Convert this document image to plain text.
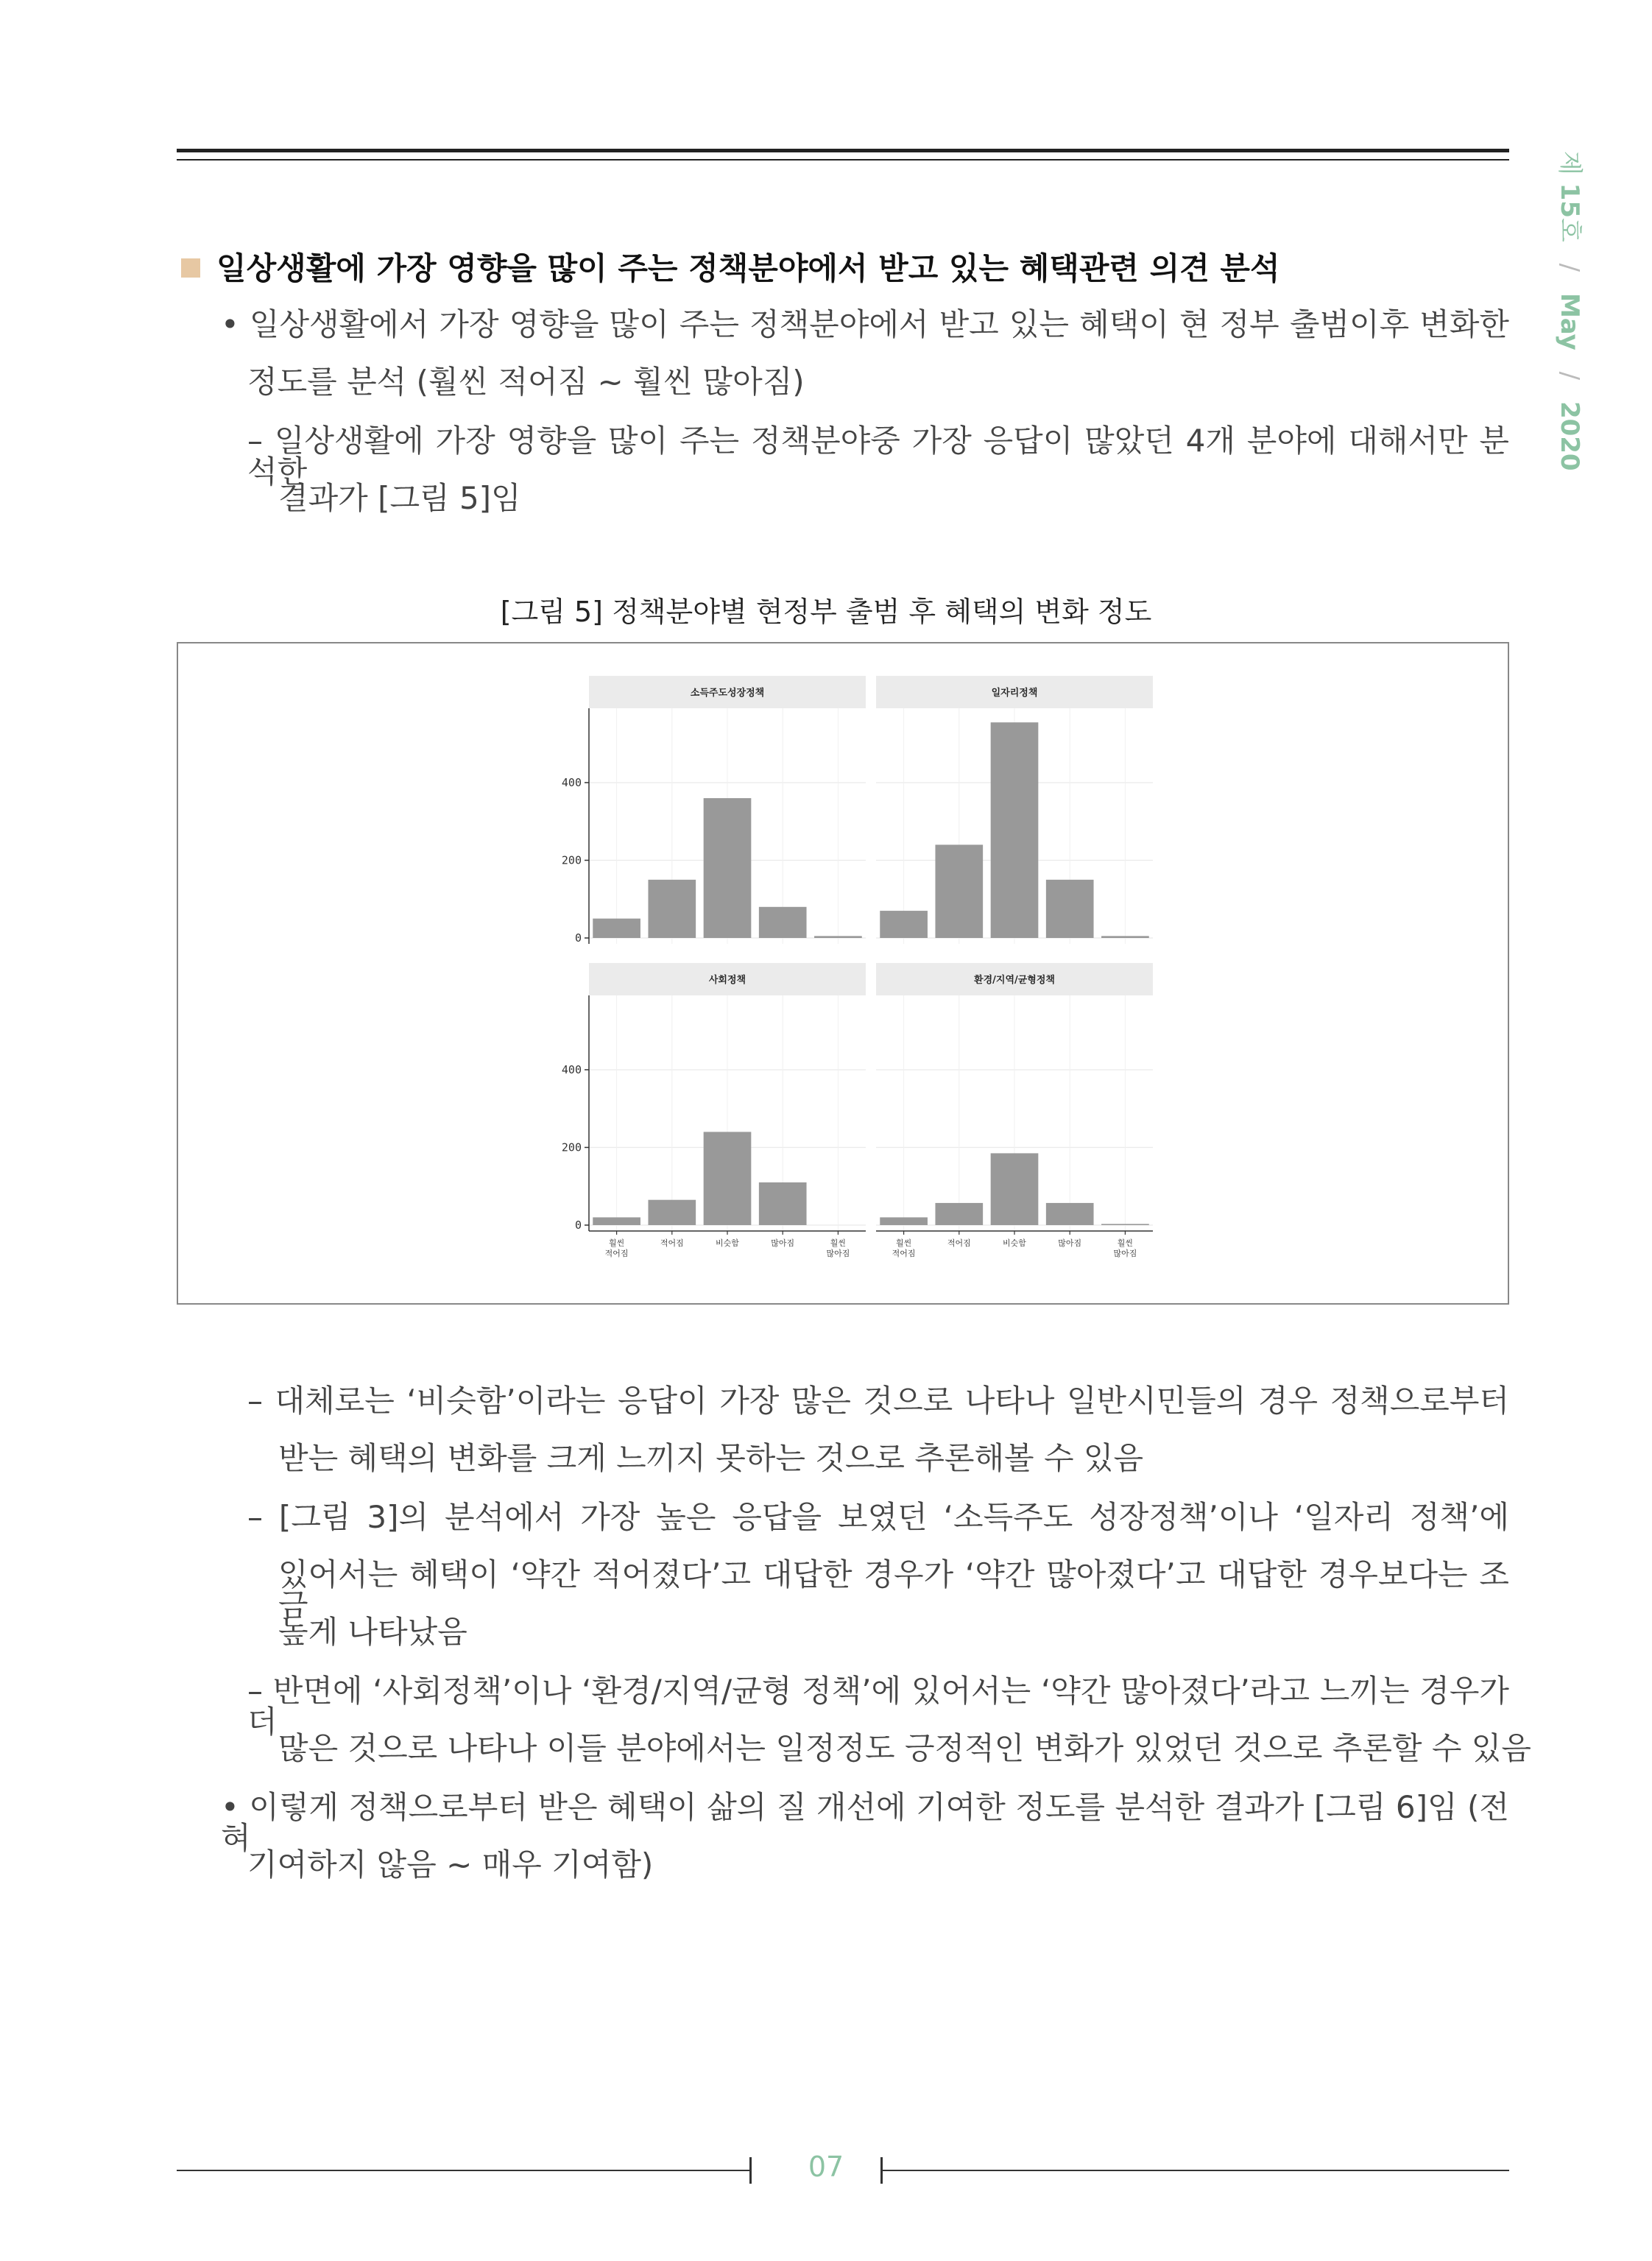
제 15호 / May / 2020
일상생활에 가장 영향을 많이 주는 정책분야에서 받고 있는 혜택관련 의견 분석
• 일상생활에서 가장 영향을 많이 주는 정책분야에서 받고 있는 혜택이 현 정부 출범이후 변화한
정도를 분석 (훨씬 적어짐 ~ 훨씬 많아짐)
– 일상생활에 가장 영향을 많이 주는 정책분야중 가장 응답이 많았던 4개 분야에 대해서만 분석한
결과가 [그림 5]임
[그림 5] 정책분야별 현정부 출범 후 혜택의 변화 정도
소득주도성장정책
0
200
400
일자리정책
사회정책
0
200
400
훨씬
적어짐
적어짐	비슷함	많아짐	훨씬
많아짐
환경/지역/균형정책
훨씬
적어짐
적어짐	비슷함	많아짐	훨씬
많아짐
– 대체로는 ‘비슷함’이라는 응답이 가장 많은 것으로 나타나 일반시민들의 경우 정책으로부터
받는 혜택의 변화를 크게 느끼지 못하는 것으로 추론해볼 수 있음
– [그림 3]의 분석에서 가장 높은 응답을 보였던 ‘소득주도 성장정책’이나 ‘일자리 정책’에
있어서는 혜택이 ‘약간 적어졌다’고 대답한 경우가 ‘약간 많아졌다’고 대답한 경우보다는 조금
높게 나타났음
– 반면에 ‘사회정책’이나 ‘환경/지역/균형 정책’에 있어서는 ‘약간 많아졌다’라고 느끼는 경우가 더
많은 것으로 나타나 이들 분야에서는 일정정도 긍정적인 변화가 있었던 것으로 추론할 수 있음
• 이렇게 정책으로부터 받은 혜택이 삶의 질 개선에 기여한 정도를 분석한 결과가 [그림 6]임 (전혀
기여하지 않음 ~ 매우 기여함)
07
